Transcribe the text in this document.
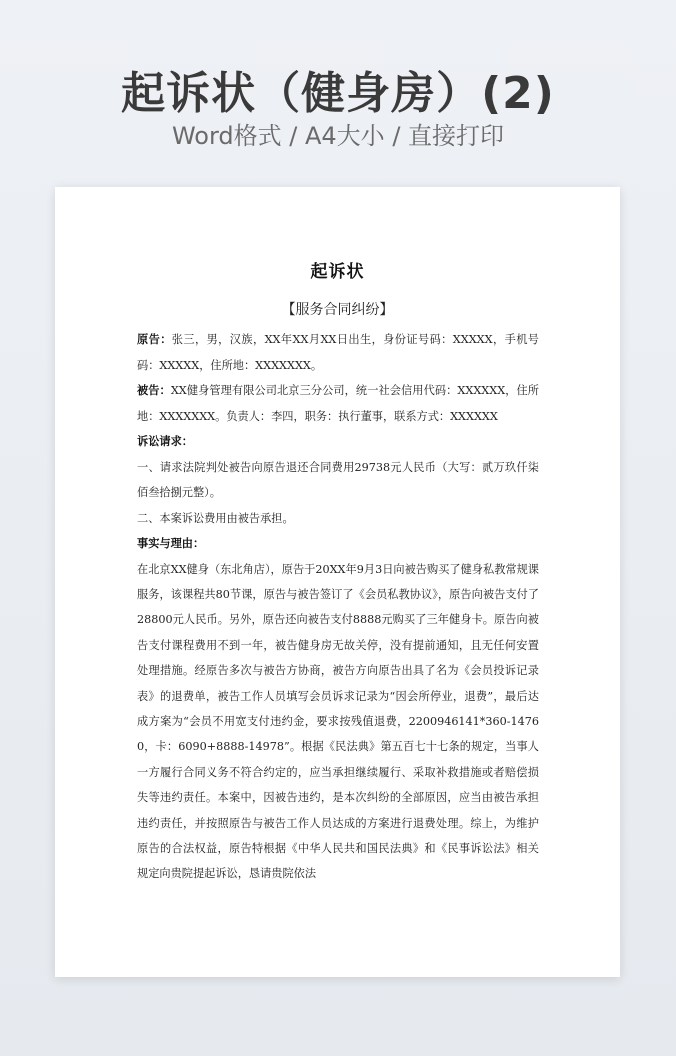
起诉状（健身房）(2)
Word格式 / A4大小 / 直接打印
起诉状
【服务合同纠纷】

原告：张三，男，汉族，XX年XX月XX日出生，身份证号码：XXXXX，手机号码：XXXXX，住所地：XXXXXXX。

被告：XX健身管理有限公司北京三分公司，统一社会信用代码：XXXXXX，住所地：XXXXXXX。负责人：李四，职务：执行董事，联系方式：XXXXXX

诉讼请求：

一、请求法院判处被告向原告退还合同费用29738元人民币（大写：贰万玖仟柒佰叁拾捌元整）。

二、本案诉讼费用由被告承担。

事实与理由：

在北京XX健身（东北角店），原告于20XX年9月3日向被告购买了健身私教常规课服务，该课程共80节课，原告与被告签订了《会员私教协议》，原告向被告支付了28800元人民币。另外，原告还向被告支付8888元购买了三年健身卡。原告向被告支付课程费用不到一年，被告健身房无故关停，没有提前通知，且无任何安置处理措施。经原告多次与被告方协商，被告方向原告出具了名为《会员投诉记录表》的退费单，被告工作人员填写会员诉求记录为“因会所停业，退费”，最后达成方案为“会员不用宽支付违约金，要求按残值退费，2200946141*360-14760，卡：6090+8888-14978”。根据《民法典》第五百七十七条的规定，当事人一方履行合同义务不符合约定的，应当承担继续履行、采取补救措施或者赔偿损失等违约责任。本案中，因被告违约，是本次纠纷的全部原因，应当由被告承担违约责任，并按照原告与被告工作人员达成的方案进行退费处理。综上，为维护原告的合法权益，原告特根据《中华人民共和国民法典》和《民事诉讼法》相关规定向贵院提起诉讼，恳请贵院依法
